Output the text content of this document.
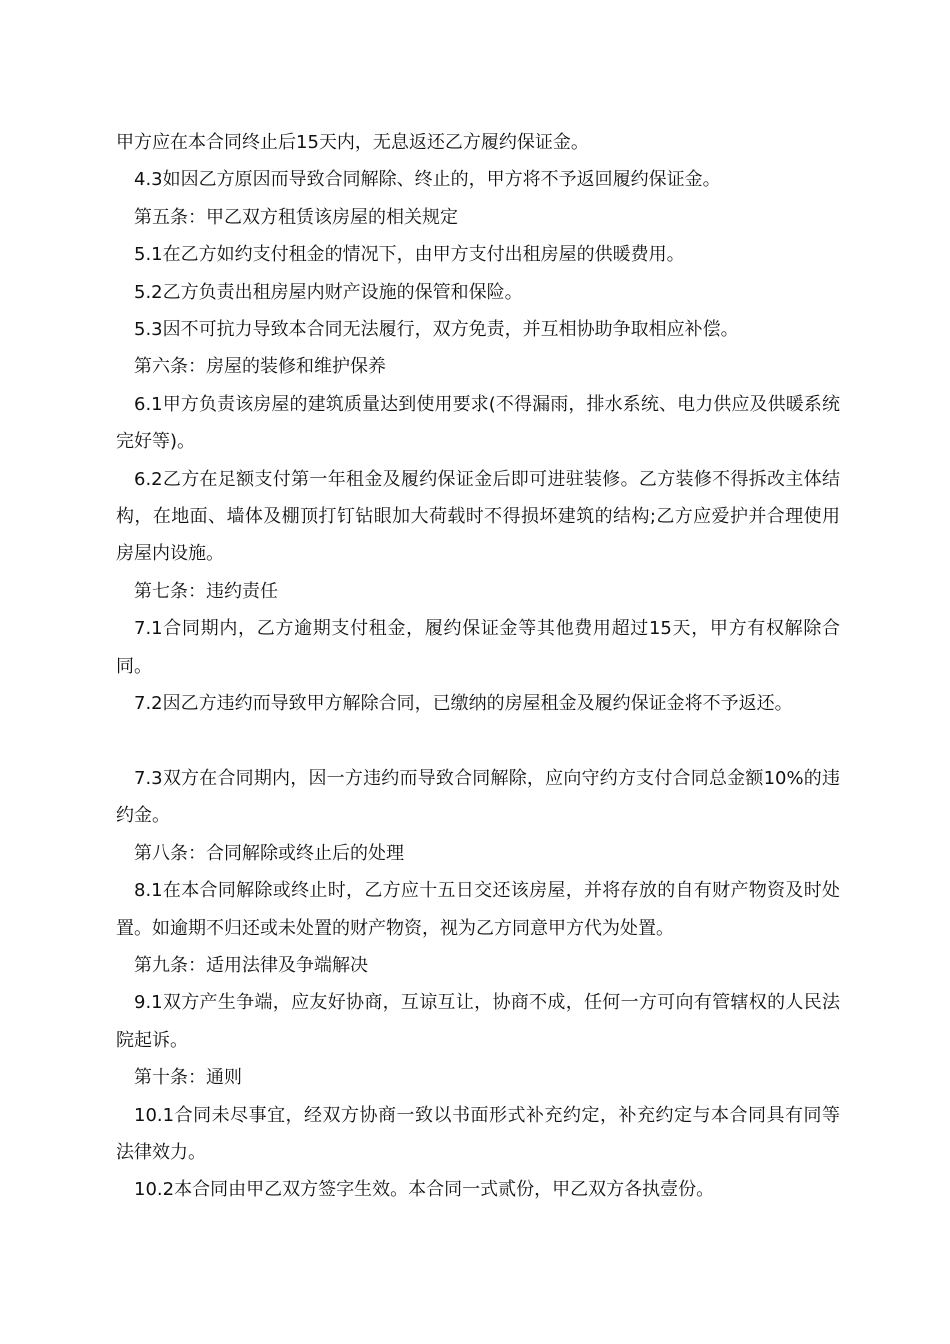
甲方应在本合同终止后15天内，无息返还乙方履约保证金。

4.3如因乙方原因而导致合同解除、终止的，甲方将不予返回履约保证金。

第五条：甲乙双方租赁该房屋的相关规定

5.1在乙方如约支付租金的情况下，由甲方支付出租房屋的供暖费用。

5.2乙方负责出租房屋内财产设施的保管和保险。

5.3因不可抗力导致本合同无法履行，双方免责，并互相协助争取相应补偿。

第六条：房屋的装修和维护保养

6.1甲方负责该房屋的建筑质量达到使用要求(不得漏雨，排水系统、电力供应及供暖系统完好等)。

6.2乙方在足额支付第一年租金及履约保证金后即可进驻装修。乙方装修不得拆改主体结构，在地面、墙体及棚顶打钉钻眼加大荷载时不得损坏建筑的结构;乙方应爱护并合理使用房屋内设施。

第七条：违约责任

7.1合同期内，乙方逾期支付租金，履约保证金等其他费用超过15天，甲方有权解除合同。

7.2因乙方违约而导致甲方解除合同，已缴纳的房屋租金及履约保证金将不予返还。

7.3双方在合同期内，因一方违约而导致合同解除，应向守约方支付合同总金额10%的违约金。

第八条：合同解除或终止后的处理

8.1在本合同解除或终止时，乙方应十五日交还该房屋，并将存放的自有财产物资及时处置。如逾期不归还或未处置的财产物资，视为乙方同意甲方代为处置。

第九条：适用法律及争端解决

9.1双方产生争端，应友好协商，互谅互让，协商不成，任何一方可向有管辖权的人民法院起诉。

第十条：通则

10.1合同未尽事宜，经双方协商一致以书面形式补充约定，补充约定与本合同具有同等法律效力。

10.2本合同由甲乙双方签字生效。本合同一式贰份，甲乙双方各执壹份。
